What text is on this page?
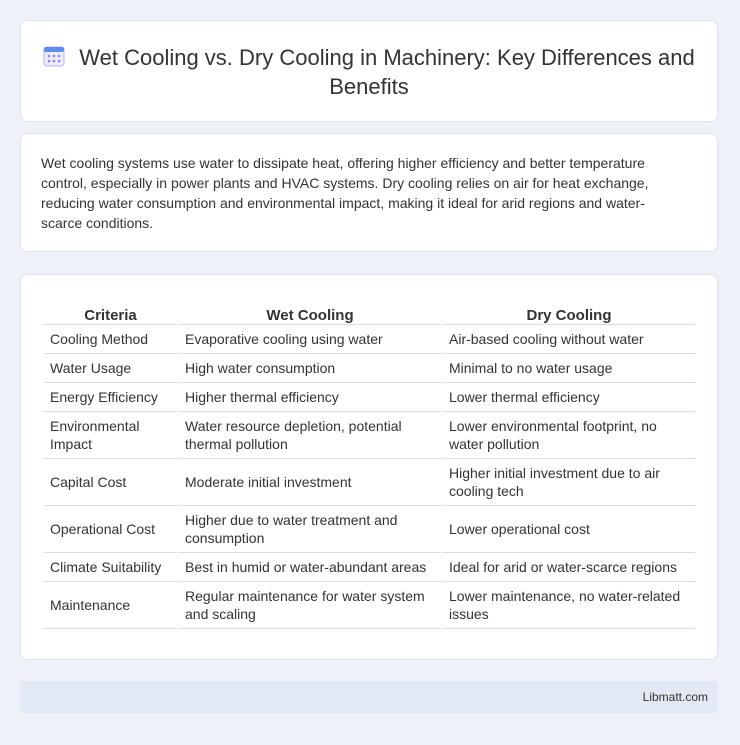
Wet Cooling vs. Dry Cooling in Machinery: Key Differences and Benefits
Wet cooling systems use water to dissipate heat, offering higher efficiency and better temperature control, especially in power plants and HVAC systems. Dry cooling relies on air for heat exchange, reducing water consumption and environmental impact, making it ideal for arid regions and water-scarce conditions.
Criteria	Wet Cooling	Dry Cooling
Cooling Method	Evaporative cooling using water	Air-based cooling without water
Water Usage	High water consumption	Minimal to no water usage
Energy Efficiency	Higher thermal efficiency	Lower thermal efficiency
Environmental Impact	Water resource depletion, potential thermal pollution	Lower environmental footprint, no water pollution
Capital Cost	Moderate initial investment	Higher initial investment due to air cooling tech
Operational Cost	Higher due to water treatment and consumption	Lower operational cost
Climate Suitability	Best in humid or water-abundant areas	Ideal for arid or water-scarce regions
Maintenance	Regular maintenance for water system and scaling	Lower maintenance, no water-related issues
Libmatt.com
